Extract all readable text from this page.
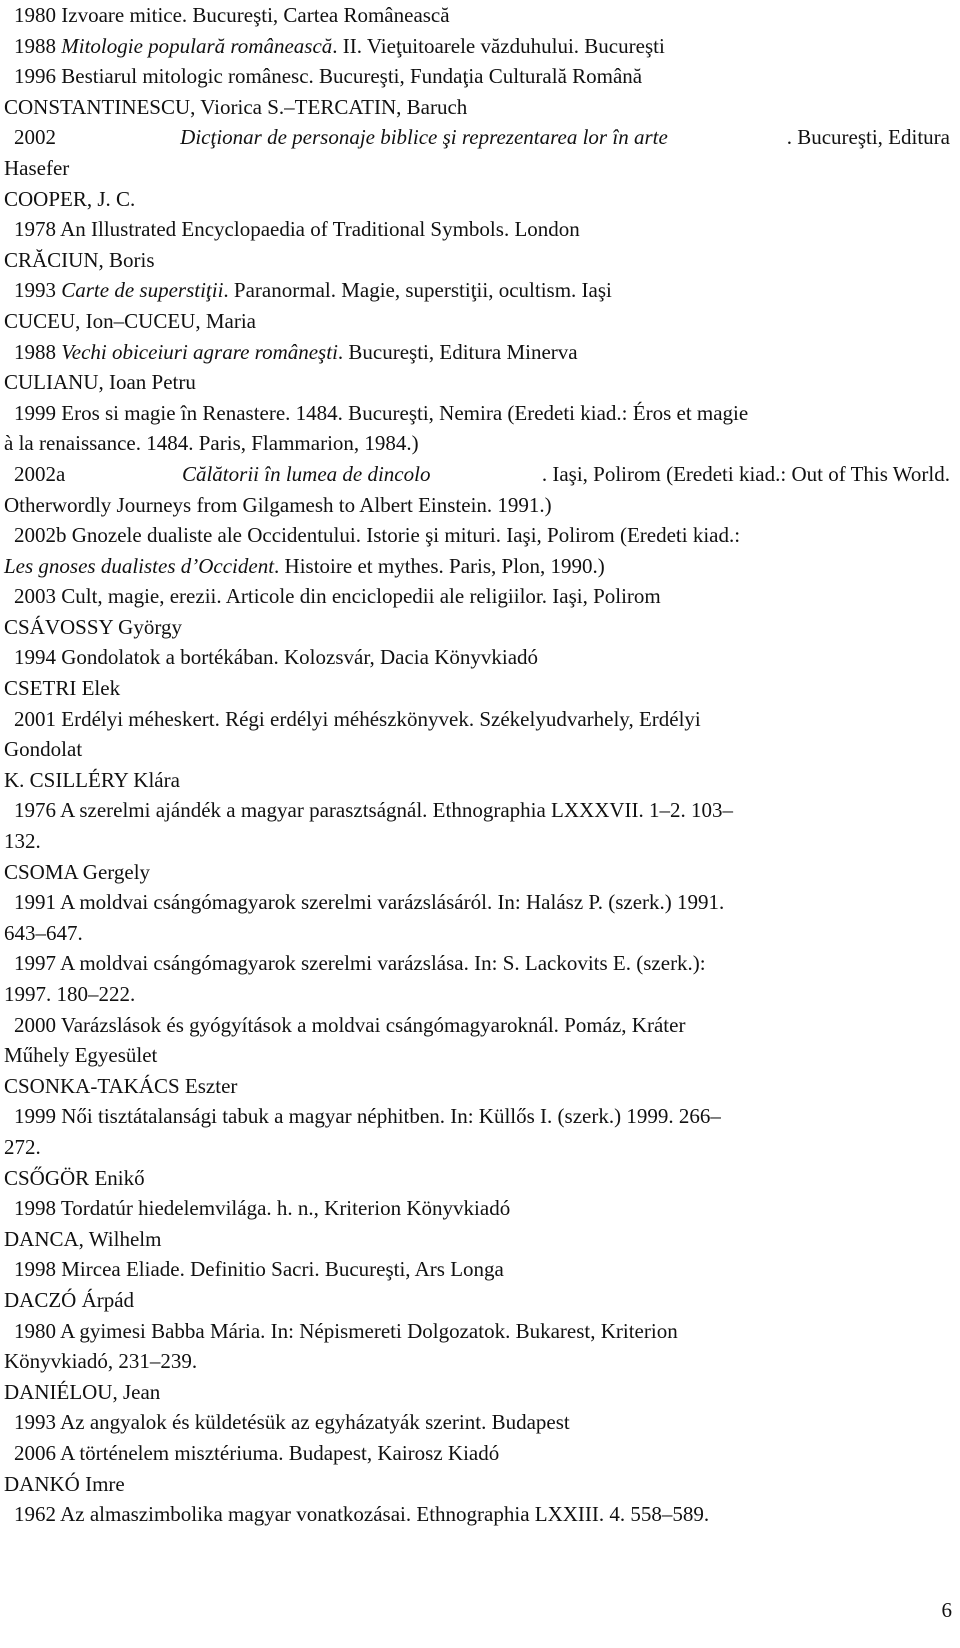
1980 Izvoare mitice. Bucureşti, Cartea Românească
1988 Mitologie populară românească. II. Vieţuitoarele văzduhului. Bucureşti
1996 Bestiarul mitologic românesc. Bucureşti, Fundaţia Culturală Română
CONSTANTINESCU, Viorica S.–TERCATIN, Baruch
2002	Dicţionar de personaje biblice şi reprezentarea lor în arte	. Bucureşti, Editura
Hasefer
COOPER, J. C.
1978 An Illustrated Encyclopaedia of Traditional Symbols. London
CRĂCIUN, Boris
1993 Carte de superstiţii. Paranormal. Magie, superstiţii, ocultism. Iaşi
CUCEU, Ion–CUCEU, Maria
1988 Vechi obiceiuri agrare româneşti. Bucureşti, Editura Minerva
CULIANU, Ioan Petru
1999 Eros si magie în Renastere. 1484. Bucureşti, Nemira (Eredeti kiad.: Éros et magie
à la renaissance. 1484. Paris, Flammarion, 1984.)
2002a	Călătorii în lumea de dincolo	. Iaşi, Polirom (Eredeti kiad.: Out of This World.
Otherwordly Journeys from Gilgamesh to Albert Einstein. 1991.)
2002b Gnozele dualiste ale Occidentului. Istorie şi mituri. Iaşi, Polirom (Eredeti kiad.:
Les gnoses dualistes d’Occident. Histoire et mythes. Paris, Plon, 1990.)
2003 Cult, magie, erezii. Articole din enciclopedii ale religiilor. Iaşi, Polirom
CSÁVOSSY György
1994 Gondolatok a bortékában. Kolozsvár, Dacia Könyvkiadó
CSETRI Elek
2001 Erdélyi méheskert. Régi erdélyi méhészkönyvek. Székelyudvarhely, Erdélyi
Gondolat
K. CSILLÉRY Klára
1976 A szerelmi ajándék a magyar parasztságnál. Ethnographia LXXXVII. 1–2. 103–
132.
CSOMA Gergely
1991 A moldvai csángómagyarok szerelmi varázslásáról. In: Halász P. (szerk.) 1991.
643–647.
1997 A moldvai csángómagyarok szerelmi varázslása. In: S. Lackovits E. (szerk.):
1997. 180–222.
2000 Varázslások és gyógyítások a moldvai csángómagyaroknál. Pomáz, Kráter
Műhely Egyesület
CSONKA-TAKÁCS Eszter
1999 Női tisztátalansági tabuk a magyar néphitben. In: Küllős I. (szerk.) 1999. 266–
272.
CSŐGÖR Enikő
1998 Tordatúr hiedelemvilága. h. n., Kriterion Könyvkiadó
DANCA, Wilhelm
1998 Mircea Eliade. Definitio Sacri. Bucureşti, Ars Longa
DACZÓ Árpád
1980 A gyimesi Babba Mária. In: Népismereti Dolgozatok. Bukarest, Kriterion
Könyvkiadó, 231–239.
DANIÉLOU, Jean
1993 Az angyalok és küldetésük az egyházatyák szerint. Budapest
2006 A történelem misztériuma. Budapest, Kairosz Kiadó
DANKÓ Imre
1962 Az almaszimbolika magyar vonatkozásai. Ethnographia LXXIII. 4. 558–589.
6
